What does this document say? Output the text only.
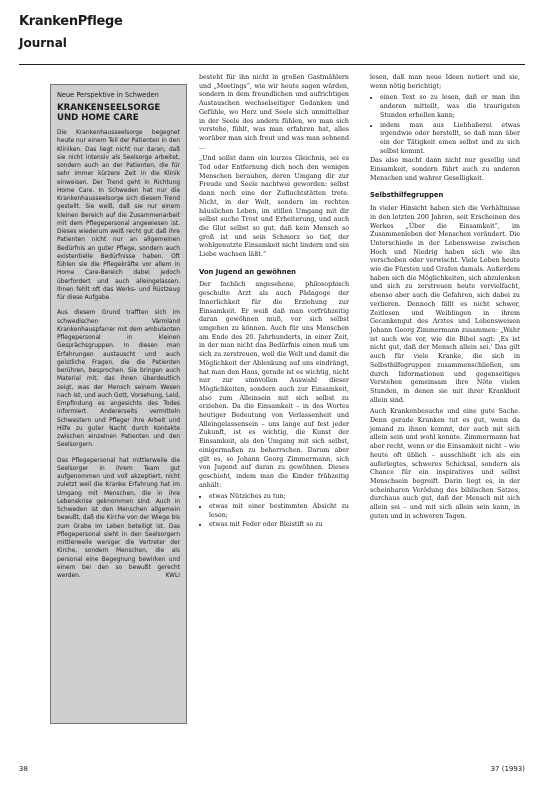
KrankenPflege
Journal
Neue Perspektive in Schweden
KRANKENSEELSORGE UND HOME CARE

Die Krankenhausseelsorge begegnet heute nur einem Teil der Patienten in den Kliniken. Das liegt nicht nur daran, daß sie nicht intensiv als Seelsorge arbeitet, sondern auch an der Patienten, die für sehr immer kürzere Zeit in die Klinik einweisen. Der Trend geht in Richtung Home Care. In Schweden hat nur die Krankenhausseelsorge sich diesem Trend gestellt. Sie weiß, daß sie nur einem kleinen Bereich auf die Zusammenarbeit mit dem Pflegepersonal angewiesen ist. Dieses wiederum weiß recht gut daß ihre Patienten nicht nur an allgemeinen Bedürfnis an guter Pflege, sondern auch existentielle Bedürfnisse haben. Oft fühlen sie die Pflegekräfte vor allem in Home Care-Bereich dabei jedoch überfordert und auch alleingelassen. Ihnen fehlt oft das Werks- und Rüstzeug für diese Aufgabe.

Aus diesem Grund trafften sich im schwedischen Värmland Krankenhauspfarrer mit dem ambulanten Pflegepersonal in kleinen Gesprächsgruppen. In diesen man Erfahrungen austauscht und auch geistliche Fragen, die die Patienten berühren, besprochen. Sie bringen auch Material mit, das ihnen überdeutlich zeigt, was der Mensch seinem Wesen nach ist, und auch Gott, Vorsehung, Leid, Empfindung es angesichts des Todes informiert. Andererseits vermitteln Schwestern und Pfleger ihre Arbeit und Hilfe zu guter Nacht durch Kontakte zwischen einzelnen Patienten und den Seelsorgern.

Das Pflegepersonal hat mittlerweile die Seelsorger in ihrem Team gut aufgenommen und voll akzeptiert, nicht zuletzt weil die Kranke Erfahrung hat im Umgang mit Menschen, die in ihre Lebenskrise geknommen sind. Auch in Schweden ist den Menschen allgemein bewußt, daß die Kirche von der Wiege bis zum Grabe im Leben beteiligt ist. Das Pflegepersonal sieht in den Seelsorgern mittlerweile weniger die Vertreter der Kirche, sondern Menschen, die als personal eine Begegnung bewirken und einem bei den so bewußt gerecht werden.	KWLI

besteht für ihn nicht in großen Gastmählern und „Meetings“, wie wir heute sagen würden, sondern in dem freundlichen und aufrichtigen Austauschen wechselseitiger Gedanken und Gefühle, wo Herz und Seele sich unmittelbar in der Seele des andern fühlen, wo man sich verstehe, fühlt, was man erfahren hat, alles worüber man sich freut und was man sehnend ...

„Und sollst dann ein kurzes Gleichnis, sei es Tod oder Entfernung dich noch den wenigen Menschen berauben, deren Umgang dir zur Freude und Seele nachtwei geworden: selbst dann noch eine der Zufluchtstätten trete. Nicht, in der Welt, sondern im rechten häuslichen Leben, im stillen Umgang mit dir selbst suche Trost und Erheiterung, und auch die Glut selbst so gut, daß kein Mensch so groß ist und sein Schmerz so tief, der wohlgenutzte Einsamkeit nicht lindern und ein Liebe wachsen läßt.“

Von Jugend an gewöhnen

Der fachlich angesehene, philosophisch geschulte Arzt als auch Pädagoge der Innerlichkeit für die Erziehung zur Einsamkeit. Er weiß daß man vorfrühzeitig daran gewöhnen muß, vor sich selbst umgehen zu können. Auch für uns Menschen am Ende des 20. Jahrhunderts, in einer Zeit, in der man nicht das Bedürfnis einen muß um sich zu zerstreuen, weil die Welt und damit die Möglichkeit der Ablenkung auf uns eindrängt, hat man den Haus, gerade ist es wichtig, nicht nur zur sinnvollen Auswahl dieser Möglichkeiten, sondern auch zur Einsamkeit, also zum Alleinsein mit sich selbst zu erziehen. Da die Einsamkeit – in des Wortes heutiger Bedeutung von Verlassenheit und Alleingelassensein – uns lange auf fest jeder Zukunft, ist es wichtig, die Kunst der Einsamkeit, als den Umgang mit sich selbst, einigermaßen zu beherrschen. Darum aber gilt es, so Johann Georg Zimmermann, sich von Jugend auf daran zu gewöhnen. Dieses geschieht, indem man die Kinder frühzeitig anhält:

• etwas Nütziches zu tun;
• etwas mit einer bestimmten Absicht zu lesen;
• etwas mit Feder oder Bleistift so zu

lesen, daß man neue Ideen notiert und sie, wenn nötig berichtigt;

• einen Text so zu lesen, daß er man ihn anderen mitteilt, was die traurigsten Stunden erhellen kann;
• indem man aus Liebhaberei etwas irgendwie oder herstellt, so daß man über ein der Tätigkeit einen selbst und zu sich selbst kommt.

Das also macht dann nicht nur gesellig und Einsamkeit, sondern führt auch zu anderen Menschen und wahrer Geselligkeit.

Selbsthilfegruppen

In vieler Hinsicht haben sich die Verhältnisse in den letzten 200 Jahren, seit Erscheinen des Werkes „Über die Einsamkeit“, im Zusammenleben der Menschen verändert. Die Unterschiede in der Lebensweise zwischen Hoch und Niedrig haben sich wie ihn verschoben oder verwischt. Viele Leben heute wie die Fürsten und Grafen damals. Außerdem haben sich die Möglichkeiten, sich abzulenken und sich zu zerstreuen heute vervielfacht, ebenso aber auch die Gefahren, sich dabei zu verlieren. Dennoch fällt es nicht schwer, Zeitlosen und Weiblingen in ihrem Gecankengut des Arztes und Lebensweisen Johann Georg Zimmermann zusammen: „Wahr ist auch wie vor, wie die Bibel sagt: ,Es ist nicht gut, daß der Mensch allein sei.' Das gilt auch für viele Kranke, die sich in Selbsthilfegruppen zusammenschließen, um durch Informationen und gegenseitiges Verstehen gemeinsam ihre Nöte vielen Stunden, in denen sie mit ihrer Krankheit allein sind.

Auch Krankenbesuche und eine gute Sache. Denn gerade Kranken tut es gut, wenn da jemand zu ihnen kommt, der auch mit sich allein sein und wohl konnte. Zimmermann hat aber recht, wenn er die Einsamkeit nicht – wie heute oft üblich – ausschließt ich als ein auferlegtes, schweres Schicksal, sondern als Chance für ein inspiratives und selbst Menschsein begreift. Darin liegt es, in der scheinbaren Verödung des biblischen Satzes, durchaus auch gut, daß der Mensch mit sich allein sei – und mit sich allein sein kann, in guten und in schweren Tagen.

38	37 (1993)
